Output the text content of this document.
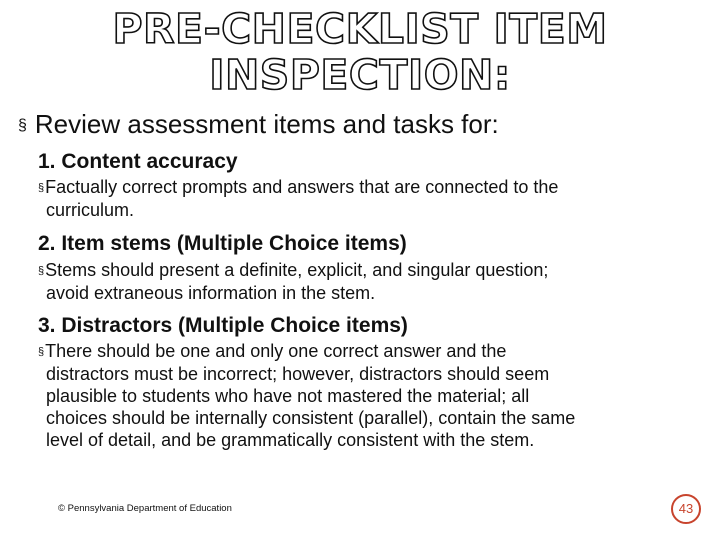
PRE-CHECKLIST ITEM
INSPECTION:
§ Review assessment items and tasks for:
1. Content accuracy
§Factually correct prompts and answers that are connected to the
curriculum.
2. Item stems (Multiple Choice items)
§Stems should present a definite, explicit, and singular question;
avoid extraneous information in the stem.
3. Distractors (Multiple Choice items)
§There should be one and only one correct answer and the
distractors must be incorrect; however, distractors should seem
plausible to students who have not mastered the material; all
choices should be internally consistent (parallel), contain the same
level of detail, and be grammatically consistent with the stem.
© Pennsylvania Department of Education	43
